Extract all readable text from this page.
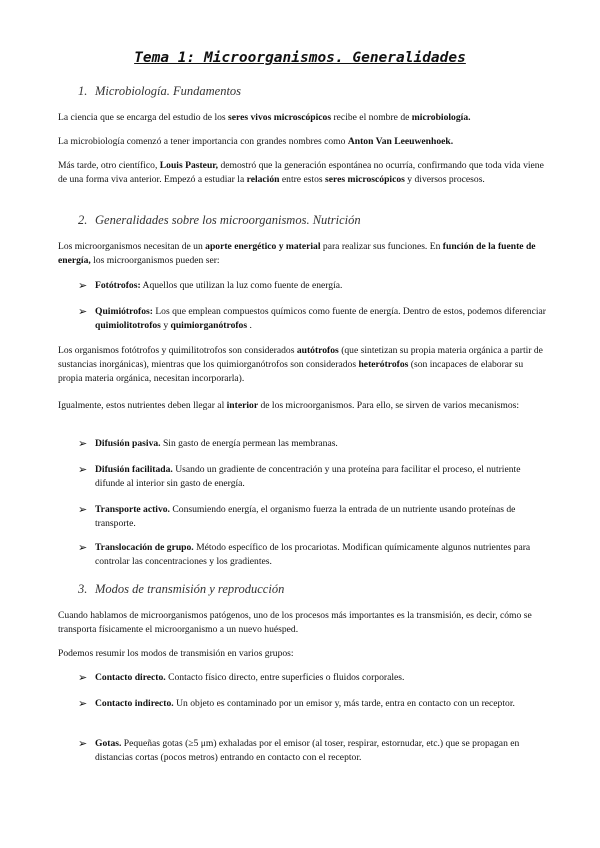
Tema 1: Microorganismos. Generalidades
1. Microbiología. Fundamentos

La ciencia que se encarga del estudio de los seres vivos microscópicos recibe el nombre de microbiología.

La microbiología comenzó a tener importancia con grandes nombres como Anton Van Leeuwenhoek.

Más tarde, otro científico, Louis Pasteur, demostró que la generación espontánea no ocurría, confirmando que toda vida viene de una forma viva anterior. Empezó a estudiar la relación entre estos seres microscópicos y diversos procesos.

2. Generalidades sobre los microorganismos. Nutrición

Los microorganismos necesitan de un aporte energético y material para realizar sus funciones. En función de la fuente de energía, los microorganismos pueden ser:

➢ Fotótrofos: Aquellos que utilizan la luz como fuente de energía.
➢ Quimiótrofos: Los que emplean compuestos químicos como fuente de energía. Dentro de estos, podemos diferenciar quimiolitotrofos y quimiorganótrofos .

Los organismos fotótrofos y quimilitotrofos son considerados autótrofos (que sintetizan su propia materia orgánica a partir de sustancias inorgánicas), mientras que los quimiorganótrofos son considerados heterótrofos (son incapaces de elaborar su propia materia orgánica, necesitan incorporarla).

Igualmente, estos nutrientes deben llegar al interior de los microorganismos. Para ello, se sirven de varios mecanismos:

➢ Difusión pasiva. Sin gasto de energía permean las membranas.
➢ Difusión facilitada. Usando un gradiente de concentración y una proteína para facilitar el proceso, el nutriente difunde al interior sin gasto de energía.
➢ Transporte activo. Consumiendo energía, el organismo fuerza la entrada de un nutriente usando proteínas de transporte.
➢ Translocación de grupo. Método específico de los procariotas. Modifican químicamente algunos nutrientes para controlar las concentraciones y los gradientes.
3. Modos de transmisión y reproducción

Cuando hablamos de microorganismos patógenos, uno de los procesos más importantes es la transmisión, es decir, cómo se transporta físicamente el microorganismo a un nuevo huésped.

Podemos resumir los modos de transmisión en varios grupos:

➢ Contacto directo. Contacto físico directo, entre superficies o fluidos corporales.
➢ Contacto indirecto. Un objeto es contaminado por un emisor y, más tarde, entra en contacto con un receptor.
➢ Gotas. Pequeñas gotas (≥5 μm) exhaladas por el emisor (al toser, respirar, estornudar, etc.) que se propagan en distancias cortas (pocos metros) entrando en contacto con el receptor.
